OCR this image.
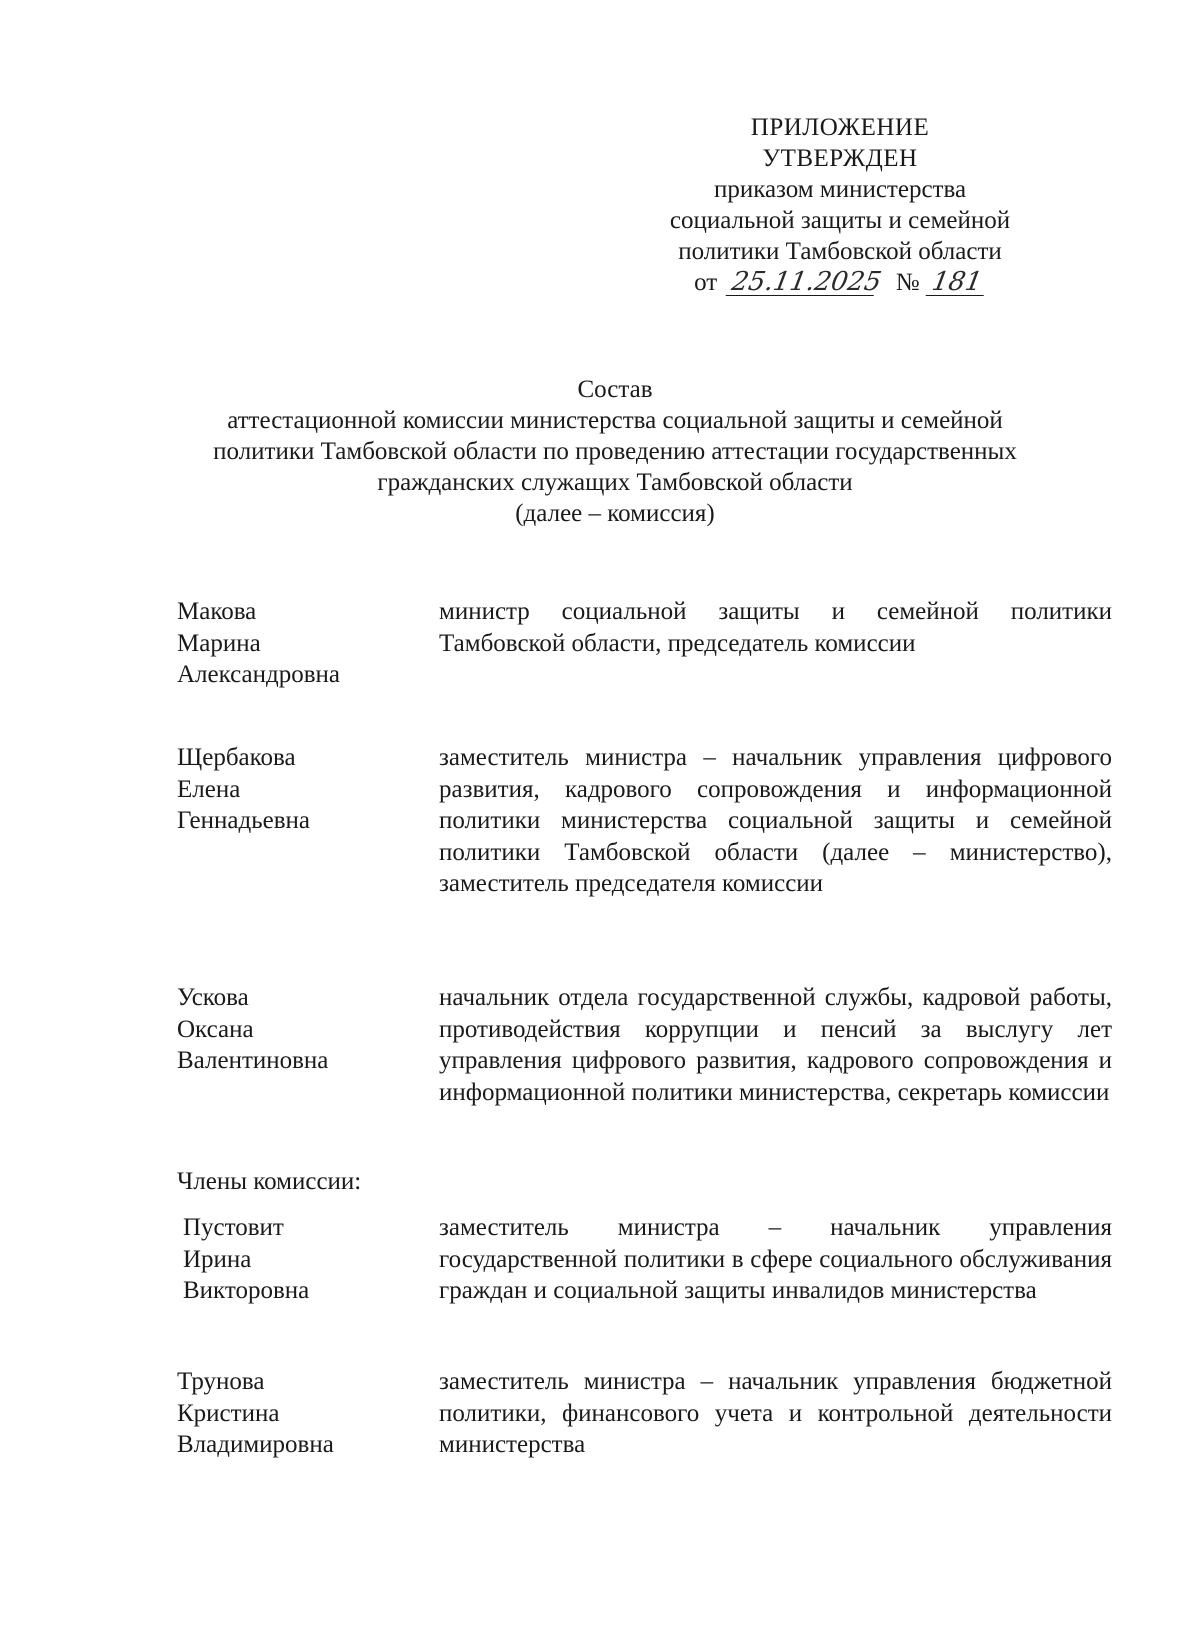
ПРИЛОЖЕНИЕ
УТВЕРЖДЕН
приказом министерства
социальной защиты и семейной
политики Тамбовской области
от 25.11.2025 № 181
Состав
аттестационной комиссии министерства социальной защиты и семейной
политики Тамбовской области по проведению аттестации государственных
гражданских служащих Тамбовской области
(далее – комиссия)
Макова
Марина
Александровна
министр социальной защиты и семейной политики Тамбовской области, председатель комиссии
Щербакова
Елена
Геннадьевна
заместитель министра – начальник управления цифрового развития, кадрового сопровождения и информационной политики министерства социальной защиты и семейной политики Тамбовской области (далее – министерство), заместитель председателя комиссии
Ускова
Оксана
Валентиновна
начальник отдела государственной службы, кадровой работы, противодействия коррупции и пенсий за выслугу лет управления цифрового развития, кадрового сопровождения и информационной политики министерства, секретарь комиссии
Члены комиссии:
Пустовит
Ирина
Викторовна
заместитель министра – начальник управления государственной политики в сфере социального обслуживания граждан и социальной защиты инвалидов министерства
Трунова
Кристина
Владимировна
заместитель министра – начальник управления бюджетной политики, финансового учета и контрольной деятельности министерства
